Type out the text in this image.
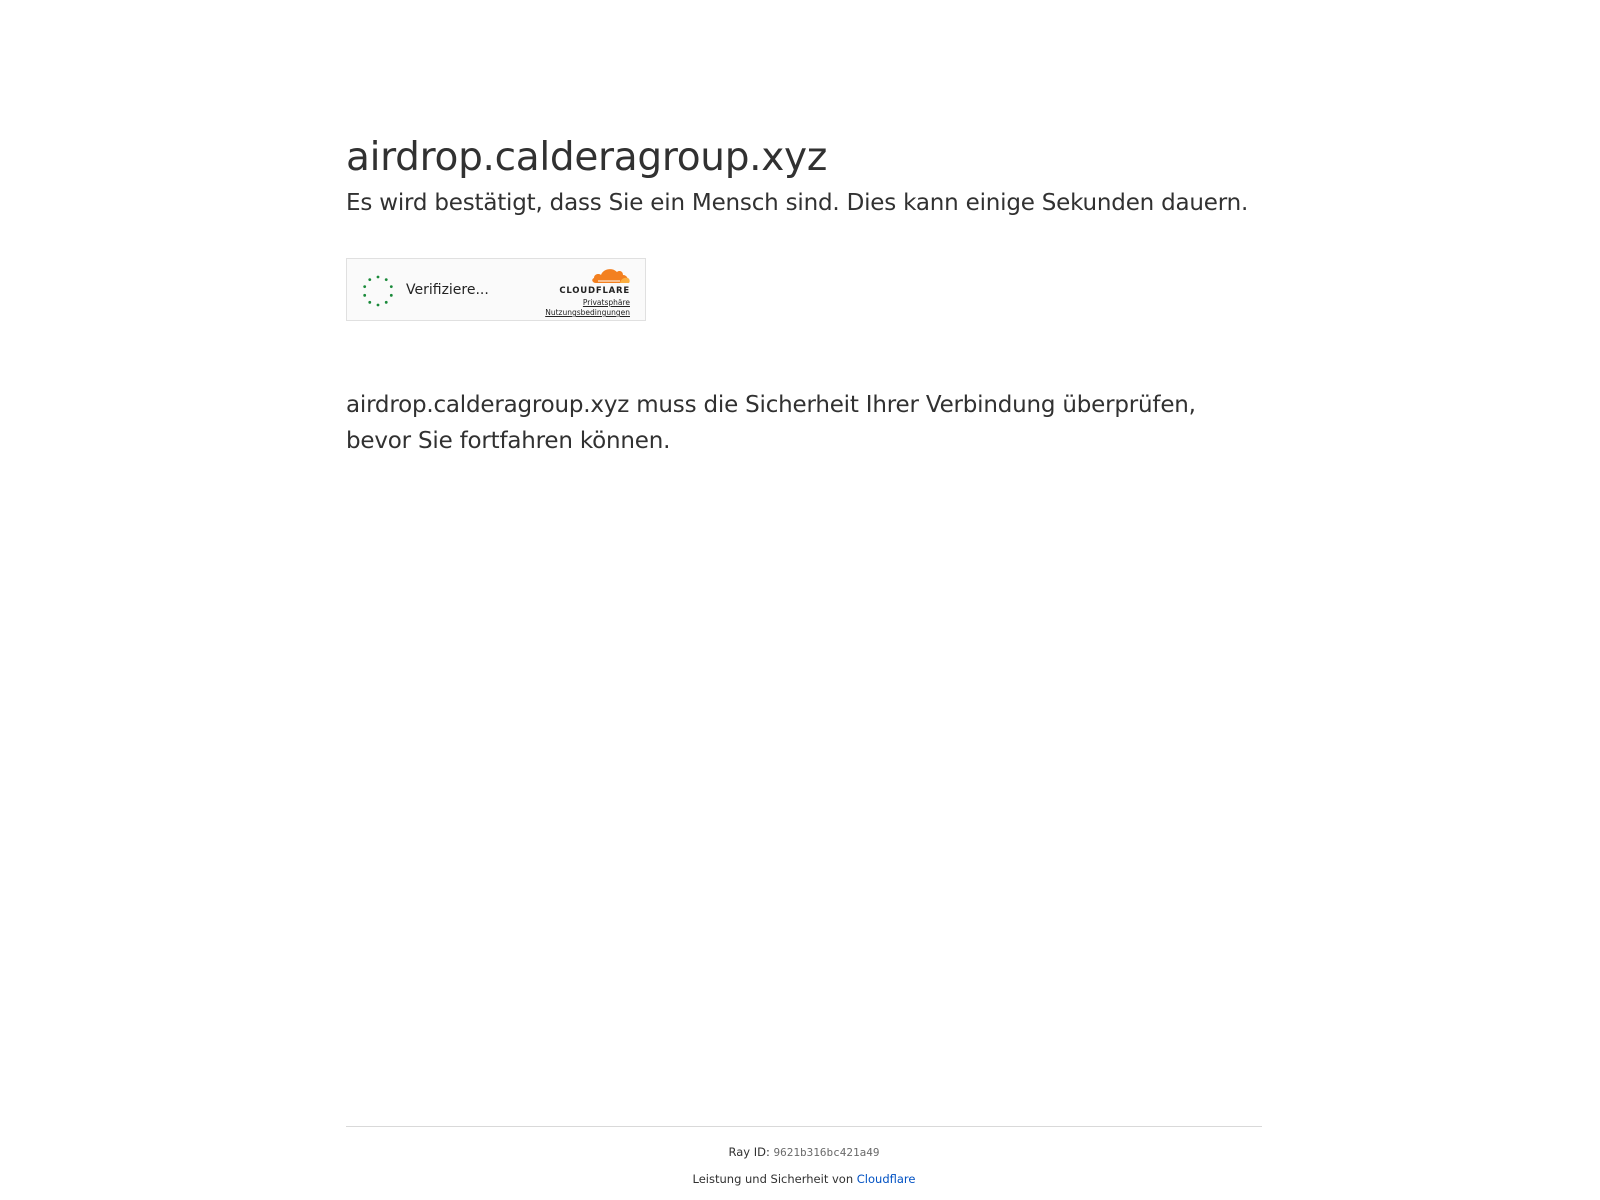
airdrop.calderagroup.xyz
Es wird bestätigt, dass Sie ein Mensch sind. Dies kann einige Sekunden dauern.
Verifiziere...	CLOUDFLARE
Privatsphäre
Nutzungsbedingungen

airdrop.calderagroup.xyz muss die Sicherheit Ihrer Verbindung überprüfen, bevor Sie fortfahren können.

Ray ID: 9621b316bc421a49
Leistung und Sicherheit von Cloudflare
